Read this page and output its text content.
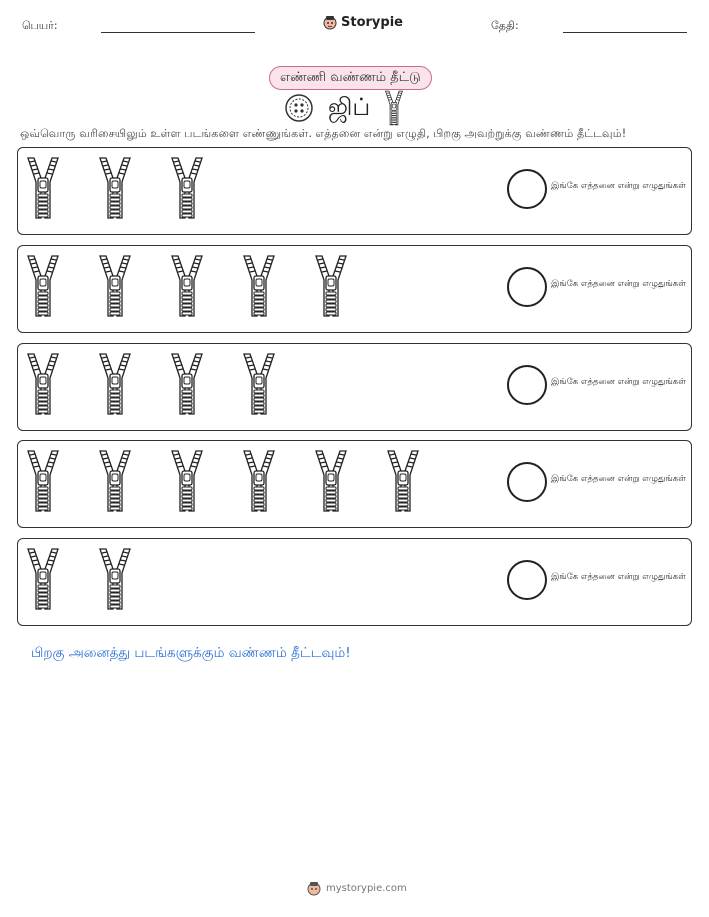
பெயர்:	Storypie	தேதி:
எண்ணி வண்ணம் தீட்டு
ஜிப்
ஒவ்வொரு வரிசையிலும் உள்ள படங்களை எண்ணுங்கள். எத்தனை என்று எழுதி, பிறகு அவற்றுக்கு வண்ணம் தீட்டவும்!
இங்கே எத்தனை என்று எழுதுங்கள்
இங்கே எத்தனை என்று எழுதுங்கள்
இங்கே எத்தனை என்று எழுதுங்கள்
இங்கே எத்தனை என்று எழுதுங்கள்
இங்கே எத்தனை என்று எழுதுங்கள்
பிறகு அனைத்து படங்களுக்கும் வண்ணம் தீட்டவும்!
mystorypie.com
